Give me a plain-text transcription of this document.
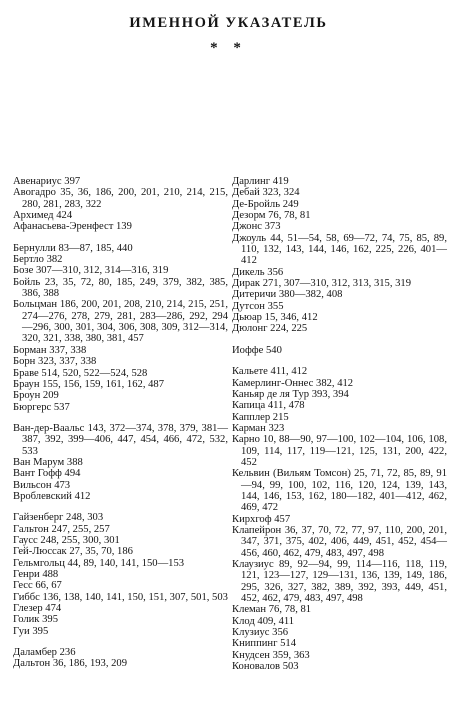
ИМЕННОЙ УКАЗАТЕЛЬ
* *
Авенариус 397
Авогадро 35, 36, 186, 200, 201, 210, 214, 215, 280, 281, 283, 322
Архимед 424
Афанасьева-Эренфест 139
Бернулли 83—87, 185, 440
Бертло 382
Бозе 307—310, 312, 314—316, 319
Бойль 23, 35, 72, 80, 185, 249, 379, 382, 385, 386, 388
Больцман 186, 200, 201, 208, 210, 214, 215, 251, 274—276, 278, 279, 281, 283—286, 292, 294—296, 300, 301, 304, 306, 308, 309, 312—314, 320, 321, 338, 380, 381, 457
Борман 337, 338
Борн 323, 337, 338
Браве 514, 520, 522—524, 528
Браун 155, 156, 159, 161, 162, 487
Броун 209
Бюргерс 537
Ван-дер-Ваальс 143, 372—374, 378, 379, 381—387, 392, 399—406, 447, 454, 466, 472, 532, 533
Ван Марум 388
Вант Гофф 494
Вильсон 473
Вроблевский 412
Гайзенберг 248, 303
Гальтон 247, 255, 257
Гаусс 248, 255, 300, 301
Гей-Люссак 27, 35, 70, 186
Гельмгольц 44, 89, 140, 141, 150—153
Генри 488
Гесс 66, 67
Гиббс 136, 138, 140, 141, 150, 151, 307, 501, 503
Глезер 474
Голик 395
Гуи 395
Даламбер 236
Дальтон 36, 186, 193, 209
Дарлинг 419
Дебай 323, 324
Де-Бройль 249
Дезорм 76, 78, 81
Джонс 373
Джоуль 44, 51—54, 58, 69—72, 74, 75, 85, 89, 110, 132, 143, 144, 146, 162, 225, 226, 401—412
Дикель 356
Дирак 271, 307—310, 312, 313, 315, 319
Дитеричи 380—382, 408
Дутсон 355
Дьюар 15, 346, 412
Дюлонг 224, 225
Иоффе 540
Кальете 411, 412
Камерлинг-Оннес 382, 412
Каньяр де ля Тур 393, 394
Капица 411, 478
Капплер 215
Карман 323
Карно 10, 88—90, 97—100, 102—104, 106, 108, 109, 114, 117, 119—121, 125, 131, 200, 422, 452
Кельвин (Вильям Томсон) 25, 71, 72, 85, 89, 91—94, 99, 100, 102, 116, 120, 124, 139, 143, 144, 146, 153, 162, 180—182, 401—412, 462, 469, 472
Кирхгоф 457
Клапейрон 36, 37, 70, 72, 77, 97, 110, 200, 201, 347, 371, 375, 402, 406, 449, 451, 452, 454—456, 460, 462, 479, 483, 497, 498
Клаузиус 89, 92—94, 99, 114—116, 118, 119, 121, 123—127, 129—131, 136, 139, 149, 186, 295, 326, 327, 382, 389, 392, 393, 449, 451, 452, 462, 479, 483, 497, 498
Клеман 76, 78, 81
Клод 409, 411
Клузиус 356
Книппинг 514
Кнудсен 359, 363
Коновалов 503
